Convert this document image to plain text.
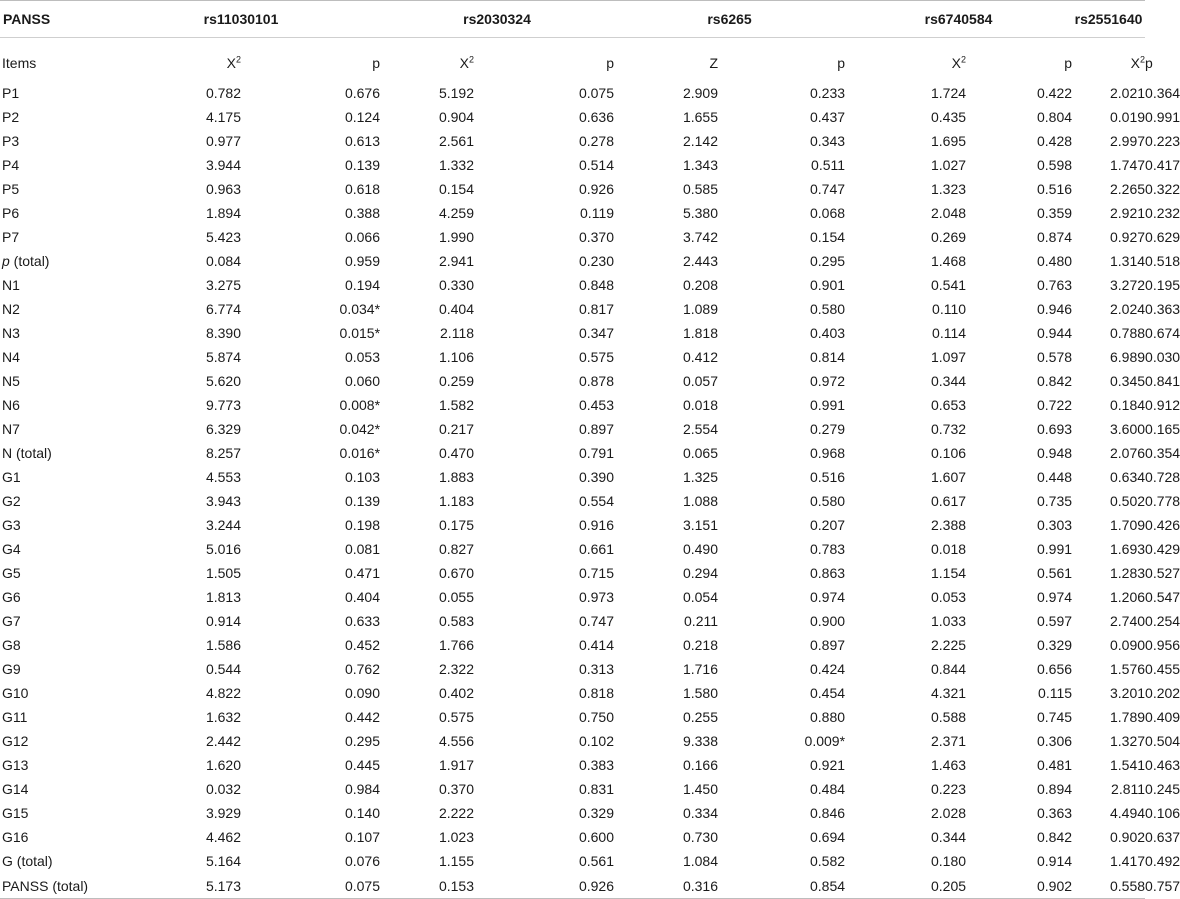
PANSS	rs11030101		rs2030324		rs6265		rs6740584		rs2551640	
Items	$X^2$	p	$X^2$	p	Z	p	$X^2$	p	$X^2$	p
P1	0.782	0.676	5.192	0.075	2.909	0.233	1.724	0.422	2.021	0.364
P2	4.175	0.124	0.904	0.636	1.655	0.437	0.435	0.804	0.019	0.991
P3	0.977	0.613	2.561	0.278	2.142	0.343	1.695	0.428	2.997	0.223
P4	3.944	0.139	1.332	0.514	1.343	0.511	1.027	0.598	1.747	0.417
P5	0.963	0.618	0.154	0.926	0.585	0.747	1.323	0.516	2.265	0.322
P6	1.894	0.388	4.259	0.119	5.380	0.068	2.048	0.359	2.921	0.232
P7	5.423	0.066	1.990	0.370	3.742	0.154	0.269	0.874	0.927	0.629
p (total)	0.084	0.959	2.941	0.230	2.443	0.295	1.468	0.480	1.314	0.518
N1	3.275	0.194	0.330	0.848	0.208	0.901	0.541	0.763	3.272	0.195
N2	6.774	0.034*	0.404	0.817	1.089	0.580	0.110	0.946	2.024	0.363
N3	8.390	0.015*	2.118	0.347	1.818	0.403	0.114	0.944	0.788	0.674
N4	5.874	0.053	1.106	0.575	0.412	0.814	1.097	0.578	6.989	0.030
N5	5.620	0.060	0.259	0.878	0.057	0.972	0.344	0.842	0.345	0.841
N6	9.773	0.008*	1.582	0.453	0.018	0.991	0.653	0.722	0.184	0.912
N7	6.329	0.042*	0.217	0.897	2.554	0.279	0.732	0.693	3.600	0.165
N (total)	8.257	0.016*	0.470	0.791	0.065	0.968	0.106	0.948	2.076	0.354
G1	4.553	0.103	1.883	0.390	1.325	0.516	1.607	0.448	0.634	0.728
G2	3.943	0.139	1.183	0.554	1.088	0.580	0.617	0.735	0.502	0.778
G3	3.244	0.198	0.175	0.916	3.151	0.207	2.388	0.303	1.709	0.426
G4	5.016	0.081	0.827	0.661	0.490	0.783	0.018	0.991	1.693	0.429
G5	1.505	0.471	0.670	0.715	0.294	0.863	1.154	0.561	1.283	0.527
G6	1.813	0.404	0.055	0.973	0.054	0.974	0.053	0.974	1.206	0.547
G7	0.914	0.633	0.583	0.747	0.211	0.900	1.033	0.597	2.740	0.254
G8	1.586	0.452	1.766	0.414	0.218	0.897	2.225	0.329	0.090	0.956
G9	0.544	0.762	2.322	0.313	1.716	0.424	0.844	0.656	1.576	0.455
G10	4.822	0.090	0.402	0.818	1.580	0.454	4.321	0.115	3.201	0.202
G11	1.632	0.442	0.575	0.750	0.255	0.880	0.588	0.745	1.789	0.409
G12	2.442	0.295	4.556	0.102	9.338	0.009*	2.371	0.306	1.327	0.504
G13	1.620	0.445	1.917	0.383	0.166	0.921	1.463	0.481	1.541	0.463
G14	0.032	0.984	0.370	0.831	1.450	0.484	0.223	0.894	2.811	0.245
G15	3.929	0.140	2.222	0.329	0.334	0.846	2.028	0.363	4.494	0.106
G16	4.462	0.107	1.023	0.600	0.730	0.694	0.344	0.842	0.902	0.637
G (total)	5.164	0.076	1.155	0.561	1.084	0.582	0.180	0.914	1.417	0.492
PANSS (total)	5.173	0.075	0.153	0.926	0.316	0.854	0.205	0.902	0.558	0.757
